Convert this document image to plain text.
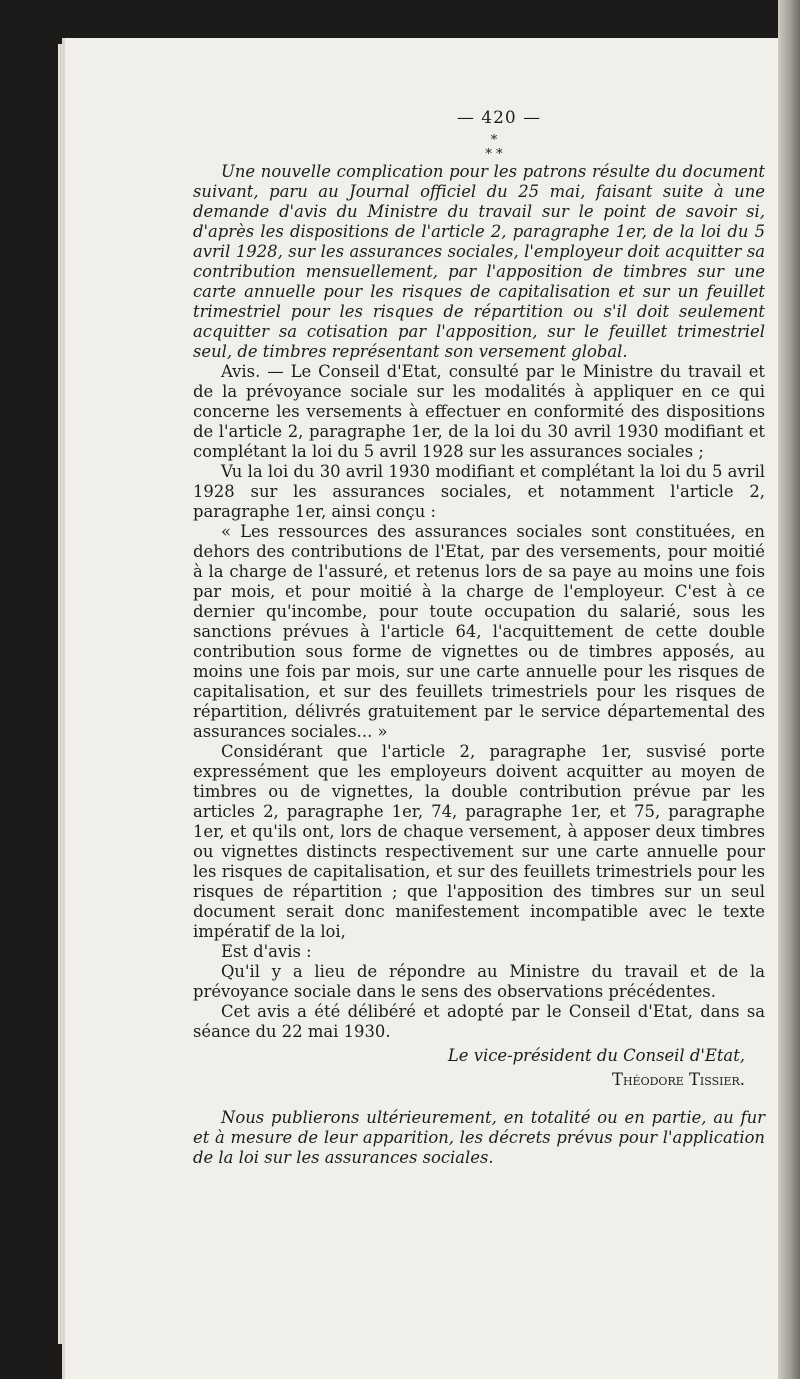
— 420 —
*
* *

Une nouvelle complication pour les patrons résulte du document suivant, paru au Journal officiel du 25 mai, faisant suite à une demande d'avis du Ministre du travail sur le point de savoir si, d'après les dispositions de l'article 2, paragraphe 1er, de la loi du 5 avril 1928, sur les assurances sociales, l'employeur doit acquitter sa contribution mensuellement, par l'apposition de timbres sur une carte annuelle pour les risques de capitalisation et sur un feuillet trimestriel pour les risques de répartition ou s'il doit seulement acquitter sa cotisation par l'apposition, sur le feuillet trimestriel seul, de timbres représentant son versement global.

Avis. — Le Conseil d'Etat, consulté par le Ministre du travail et de la prévoyance sociale sur les modalités à appliquer en ce qui concerne les versements à effectuer en conformité des dispositions de l'article 2, paragraphe 1er, de la loi du 30 avril 1930 modifiant et complétant la loi du 5 avril 1928 sur les assurances sociales ;

Vu la loi du 30 avril 1930 modifiant et complétant la loi du 5 avril 1928 sur les assurances sociales, et notamment l'article 2, paragraphe 1er, ainsi conçu :

« Les ressources des assurances sociales sont constituées, en dehors des contributions de l'Etat, par des versements, pour moitié à la charge de l'assuré, et retenus lors de sa paye au moins une fois par mois, et pour moitié à la charge de l'employeur. C'est à ce dernier qu'incombe, pour toute occupation du salarié, sous les sanctions prévues à l'article 64, l'acquittement de cette double contribution sous forme de vignettes ou de timbres apposés, au moins une fois par mois, sur une carte annuelle pour les risques de capitalisation, et sur des feuillets trimestriels pour les risques de répartition, délivrés gratuitement par le service départemental des assurances sociales... »

Considérant que l'article 2, paragraphe 1er, susvisé porte expressément que les employeurs doivent acquitter au moyen de timbres ou de vignettes, la double contribution prévue par les articles 2, paragraphe 1er, 74, paragraphe 1er, et 75, paragraphe 1er, et qu'ils ont, lors de chaque versement, à apposer deux timbres ou vignettes distincts respectivement sur une carte annuelle pour les risques de capitalisation, et sur des feuillets trimestriels pour les risques de répartition ; que l'apposition des timbres sur un seul document serait donc manifestement incompatible avec le texte impératif de la loi,

Est d'avis :

Qu'il y a lieu de répondre au Ministre du travail et de la prévoyance sociale dans le sens des observations précédentes.

Cet avis a été délibéré et adopté par le Conseil d'Etat, dans sa séance du 22 mai 1930.

Le vice-président du Conseil d'Etat,
Théodore Tissier.

Nous publierons ultérieurement, en totalité ou en partie, au fur et à mesure de leur apparition, les décrets prévus pour l'application de la loi sur les assurances sociales.
